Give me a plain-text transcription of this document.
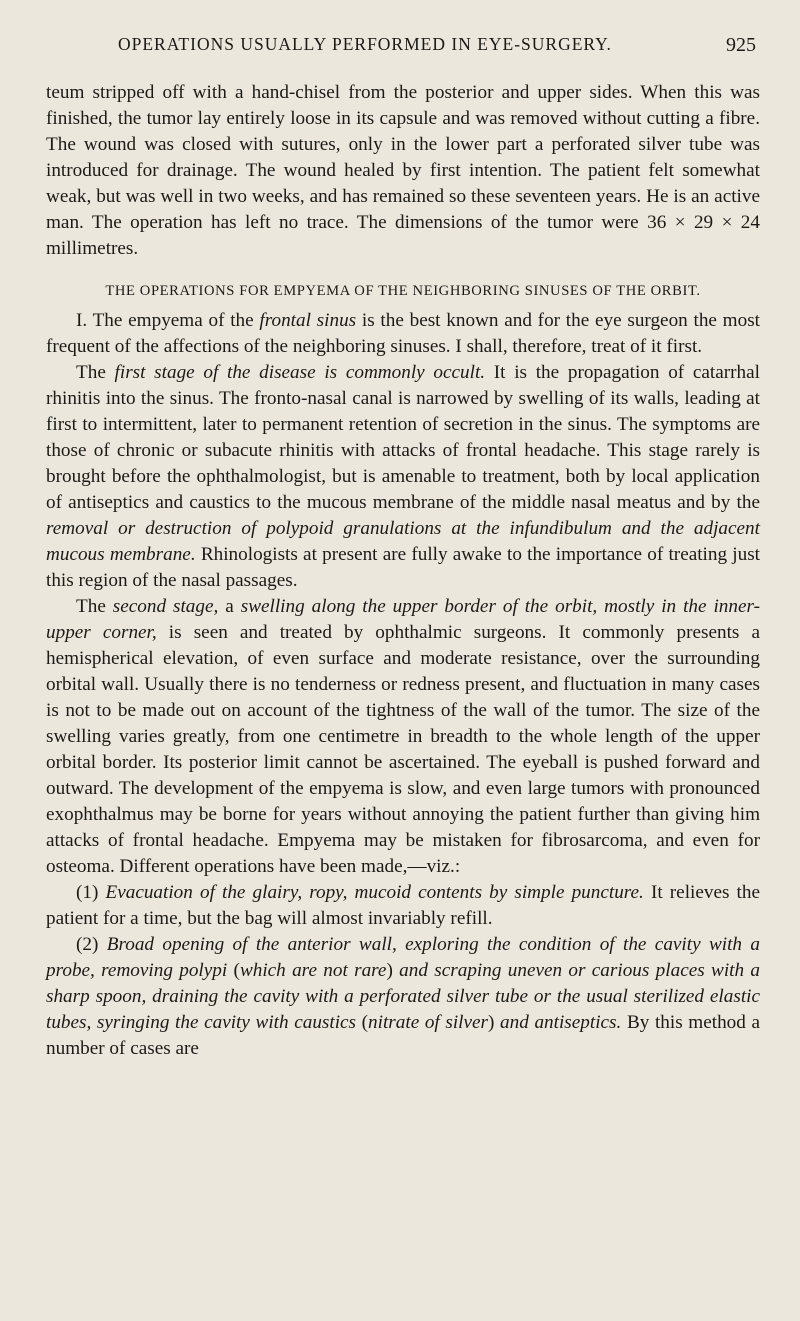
OPERATIONS USUALLY PERFORMED IN EYE-SURGERY.	925

teum stripped off with a hand-chisel from the posterior and upper sides. When this was finished, the tumor lay entirely loose in its capsule and was removed without cutting a fibre. The wound was closed with sutures, only in the lower part a perforated silver tube was introduced for drainage. The wound healed by first intention. The patient felt somewhat weak, but was well in two weeks, and has remained so these seventeen years. He is an active man. The operation has left no trace. The dimensions of the tumor were 36 × 29 × 24 millimetres.

THE OPERATIONS FOR EMPYEMA OF THE NEIGHBORING SINUSES OF THE ORBIT.

I. The empyema of the frontal sinus is the best known and for the eye surgeon the most frequent of the affections of the neighboring sinuses. I shall, therefore, treat of it first.

The first stage of the disease is commonly occult. It is the propagation of catarrhal rhinitis into the sinus. The fronto-nasal canal is narrowed by swelling of its walls, leading at first to intermittent, later to permanent retention of secretion in the sinus. The symptoms are those of chronic or subacute rhinitis with attacks of frontal headache. This stage rarely is brought before the ophthalmologist, but is amenable to treatment, both by local application of antiseptics and caustics to the mucous membrane of the middle nasal meatus and by the removal or destruction of polypoid granulations at the infundibulum and the adjacent mucous membrane. Rhinologists at present are fully awake to the importance of treating just this region of the nasal passages.

The second stage, a swelling along the upper border of the orbit, mostly in the inner-upper corner, is seen and treated by ophthalmic surgeons. It commonly presents a hemispherical elevation, of even surface and moderate resistance, over the surrounding orbital wall. Usually there is no tenderness or redness present, and fluctuation in many cases is not to be made out on account of the tightness of the wall of the tumor. The size of the swelling varies greatly, from one centimetre in breadth to the whole length of the upper orbital border. Its posterior limit cannot be ascertained. The eyeball is pushed forward and outward. The development of the empyema is slow, and even large tumors with pronounced exophthalmus may be borne for years without annoying the patient further than giving him attacks of frontal headache. Empyema may be mistaken for fibrosarcoma, and even for osteoma. Different operations have been made,—viz.:

(1) Evacuation of the glairy, ropy, mucoid contents by simple puncture. It relieves the patient for a time, but the bag will almost invariably refill.

(2) Broad opening of the anterior wall, exploring the condition of the cavity with a probe, removing polypi (which are not rare) and scraping uneven or carious places with a sharp spoon, draining the cavity with a perforated silver tube or the usual sterilized elastic tubes, syringing the cavity with caustics (nitrate of silver) and antiseptics. By this method a number of cases are
